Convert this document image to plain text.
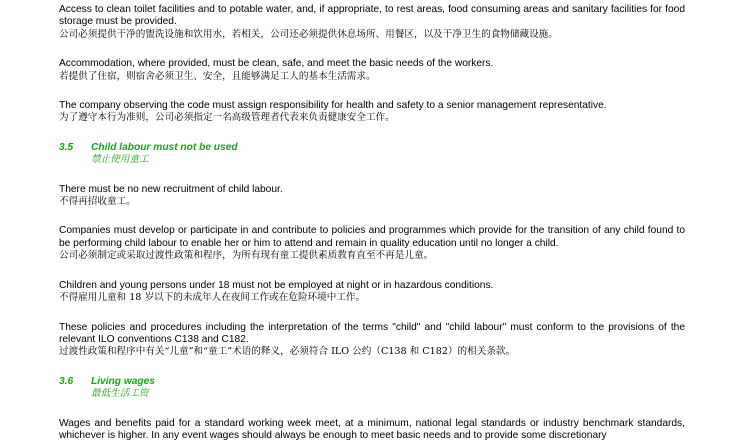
Access to clean toilet facilities and to potable water, and, if appropriate, to rest areas, food consuming areas and sanitary facilities for food storage must be provided.

公司必须提供干净的盥洗设施和饮用水，若相关，公司还必须提供休息场所、用餐区，以及干净卫生的食物储藏设施。

Accommodation, where provided, must be clean, safe, and meet the basic needs of the workers.

若提供了住宿，则宿舍必须卫生、安全，且能够满足工人的基本生活需求。

The company observing the code must assign responsibility for health and safety to a senior management representative.

为了遵守本行为准则，公司必须指定一名高级管理者代表来负责健康安全工作。

3.5 Child labour must not be used
禁止使用童工

There must be no new recruitment of child labour.

不得再招收童工。

Companies must develop or participate in and contribute to policies and programmes which provide for the transition of any child found to be performing child labour to enable her or him to attend and remain in quality education until no longer a child.

公司必须制定或采取过渡性政策和程序，为所有现有童工提供素质教育直至不再是儿童。

Children and young persons under 18 must not be employed at night or in hazardous conditions.

不得雇用儿童和 18 岁以下的未成年人在夜间工作或在危险环境中工作。

These policies and procedures including the interpretation of the terms "child" and "child labour" must conform to the provisions of the relevant ILO conventions C138 and C182.

过渡性政策和程序中有关“儿童”和“童工”术语的释义，必须符合 ILO 公约（C138 和 C182）的相关条款。

3.6 Living wages
最低生活工资

Wages and benefits paid for a standard working week meet, at a minimum, national legal standards or industry benchmark standards, whichever is higher. In any event wages should always be enough to meet basic needs and to provide some discretionary
